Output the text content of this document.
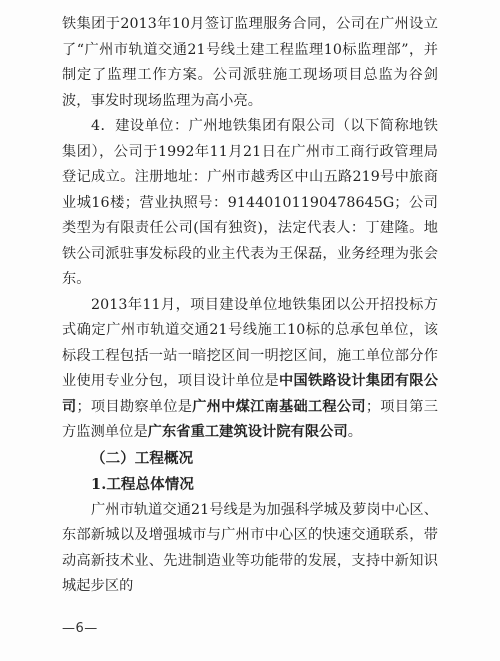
铁集团于2013年10月签订监理服务合同，公司在广州设立了“广州市轨道交通21号线土建工程监理10标监理部”，并制定了监理工作方案。公司派驻施工现场项目总监为谷剑波，事发时现场监理为高小亮。

4．建设单位：广州地铁集团有限公司（以下简称地铁集团），公司于1992年11月21日在广州市工商行政管理局登记成立。注册地址：广州市越秀区中山五路219号中旅商业城16楼；营业执照号：914401011904786​45G；公司类型为有限责任公司(国有独资)，法定代表人：丁建隆。地铁公司派驻事发标段的业主代表为王保磊，业务经理为张会东。

2013年11月，项目建设单位地铁集团以公开招投标方式确定广州市轨道交通21号线施工10标的总承包单位，该标段工程包括一站一暗挖区间一明挖区间，施工单位部分作业使用专业分包，项目设计单位是中国铁路设计集团有限公司；项目勘察单位是广州中煤江南基础工程公司；项目第三方监测单位是广东省重工建筑设计院有限公司。

（二）工程概况

1.工程总体情况

广州市轨道交通21号线是为加强科学城及萝岗中心区、东部新城以及增强城市与广州市中心区的快速交通联系，带动高新技术业、先进制造业等功能带的发展，支持中新知识城起步区的

—6—
